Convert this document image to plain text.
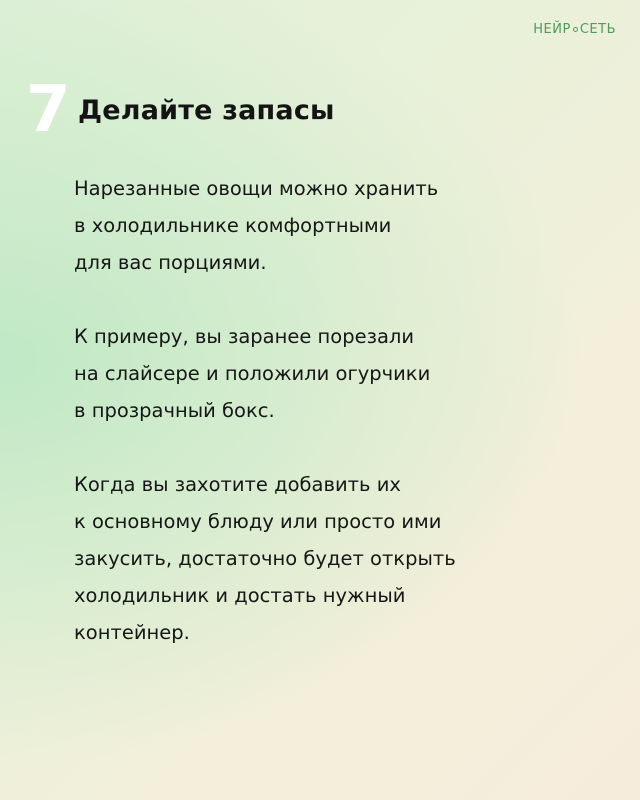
НЕЙР СЕТЬ
7 Делайте запасы

Нарезанные овощи можно хранить
в холодильнике комфортными
для вас порциями.

К примеру, вы заранее порезали
на слайсере и положили огурчики
в прозрачный бокс.

Когда вы захотите добавить их
к основному блюду или просто ими
закусить, достаточно будет открыть
холодильник и достать нужный
контейнер.
